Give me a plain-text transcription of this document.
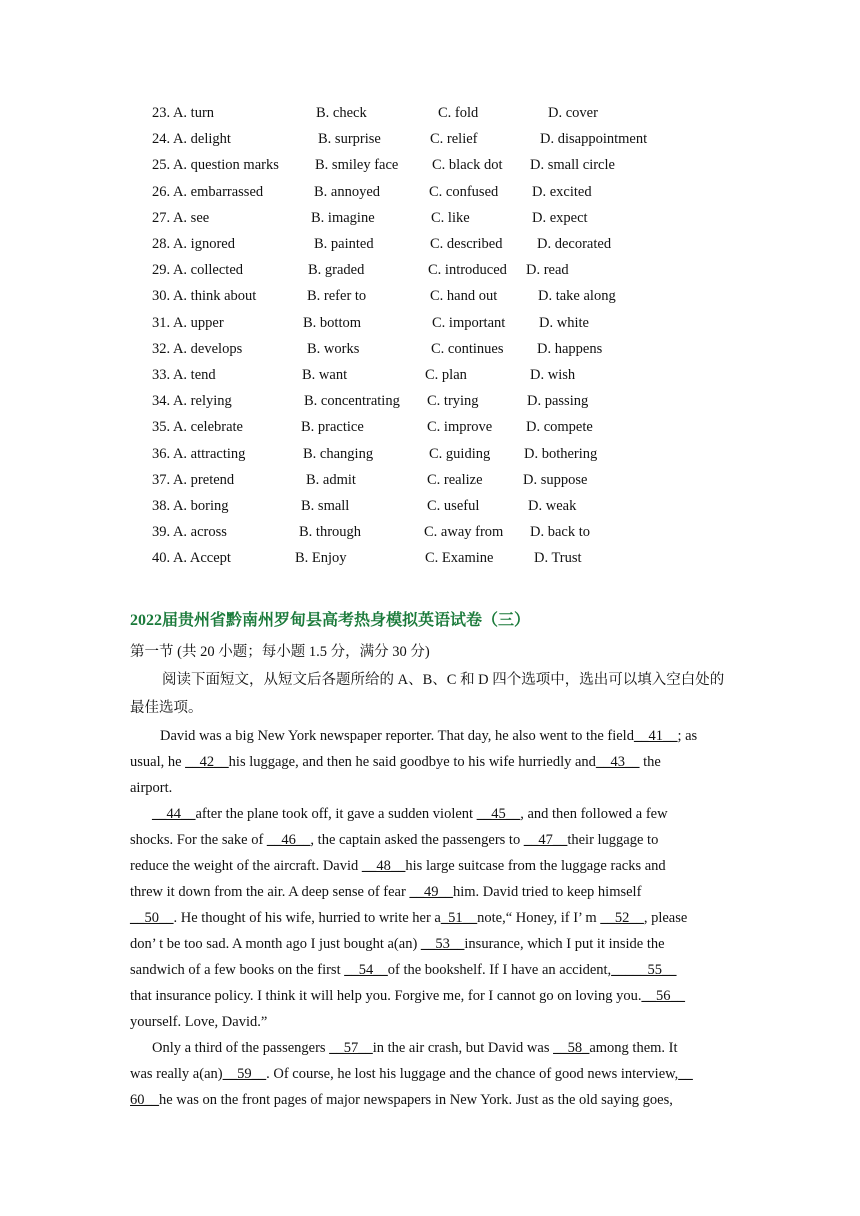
23. A. turn	B. check	C. fold	D. cover
24. A. delight	B. surprise	C. relief	D. disappointment
25. A. question marks B. smiley face C. black dot D. small circle
26. A. embarrassed	B. annoyed	C. confused D. excited
27. A. see	B. imagine	C. like	D. expect
28. A. ignored	B. painted	C. described D. decorated
29. A. collected	B. graded	C. introduced D. read
30. A. think about	B. refer to	C. hand out	D. take along
31. A. upper	B. bottom	C. important D. white
32. A. develops	B. works	C. continues D. happens
33. A. tend	B. want	C. plan	D. wish
34. A. relying	B. concentrating C. trying	D. passing
35. A. celebrate	B. practice	C. improve D. compete
36. A. attracting	B. changing	C. guiding D. bothering
37. A. pretend	B. admit	C. realize	D. suppose
38. A. boring	B. small	C. useful	D. weak
39. A. across	B. through	C. away from D. back to
40. A. Accept	B. Enjoy	C. Examine	D. Trust
2022届贵州省黔南州罗甸县高考热身模拟英语试卷（三）
第一节 (共 20 小题；每小题 1.5 分，满分 30 分)
阅读下面短文，从短文后各题所给的 A、B、C 和 D 四个选项中，选出可以填入空白处的最佳选项。
David was a big New York newspaper reporter. That day, he also went to the field__41__; as
usual, he __42__his luggage, and then he said goodbye to his wife hurriedly and__43__ the
airport.
__44__after the plane took off, it gave a sudden violent __45__, and then followed a few
shocks. For the sake of __46__, the captain asked the passengers to __47__their luggage to
reduce the weight of the aircraft. David __48__his large suitcase from the luggage racks and
threw it down from the air. A deep sense of fear __49__him. David tried to keep himself
__50__. He thought of his wife, hurried to write her a_51__note,“ Honey, if I’ m __52__, please
don’ t be too sad. A month ago I just bought a(an) __53__insurance, which I put it inside the
sandwich of a few books on the first __54__of the bookshelf. If I have an accident,_____55__
that insurance policy. I think it will help you. Forgive me, for I cannot go on loving you.__56__
yourself. Love, David.”
Only a third of the passengers __57__in the air crash, but David was __58_among them. It
was really a(an)__59__. Of course, he lost his luggage and the chance of good news interview,__
60__he was on the front pages of major newspapers in New York. Just as the old saying goes,
